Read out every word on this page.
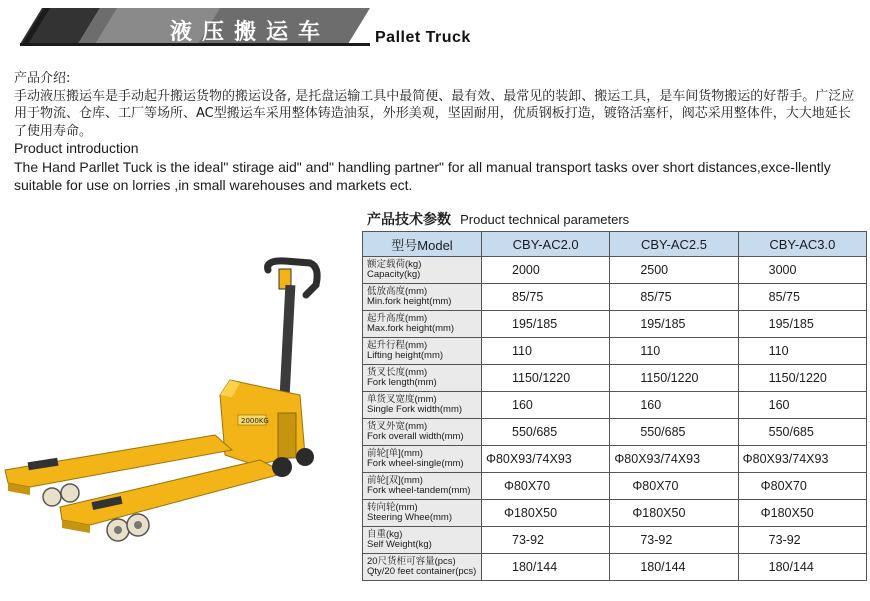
液压搬运车	Pallet Truck

产品介绍:

手动液压搬运车是手动起升搬运货物的搬运设备, 是托盘运输工具中最简便、最有效、最常见的装卸、搬运工具，是车间货物搬运的好帮手。广泛应用于物流、仓库、工厂等场所、AC型搬运车采用整体铸造油泵，外形美观，坚固耐用，优质钢板打造，镀铬活塞杆，阀芯采用整体件，大大地延长了使用寿命。

Product introduction

The Hand Parllet Tuck is the ideal" stirage aid" and" handling partner" for all manual transport tasks over short distances,exce-llently suitable for use on lorries ,in small warehouses and markets ect.

2000KG
产品技术参数 Product technical parameters
型号Model	CBY-AC2.0	CBY-AC2.5	CBY-AC3.0

额定载荷(kg)
Capacity(kg)	2000	2500	3000

低放高度(mm)
Min.fork height(mm)	85/75	85/75	85/75

起升高度(mm)
Max.fork height(mm)	195/185	195/185	195/185

起升行程(mm)
Lifting height(mm)	110	110	110

货叉长度(mm)
Fork length(mm)	1150/1220	1150/1220	1150/1220

单货叉宽度(mm)
Single Fork width(mm)	160	160	160

货叉外宽(mm)
Fork overall width(mm)	550/685	550/685	550/685

前轮[单](mm)
Fork wheel-single(mm)	Φ80X93/74X93	Φ80X93/74X93	Φ80X93/74X93

前轮[双](mm)
Fork wheel-tandem(mm)	Φ80X70	Φ80X70	Φ80X70

转向轮(mm)
Steering Whee(mm)	Φ180X50	Φ180X50	Φ180X50

自重(kg)
Self Weight(kg)	73-92	73-92	73-92

20尺货柜可容量(pcs)
Qty/20 feet container(pcs)	180/144	180/144	180/144
